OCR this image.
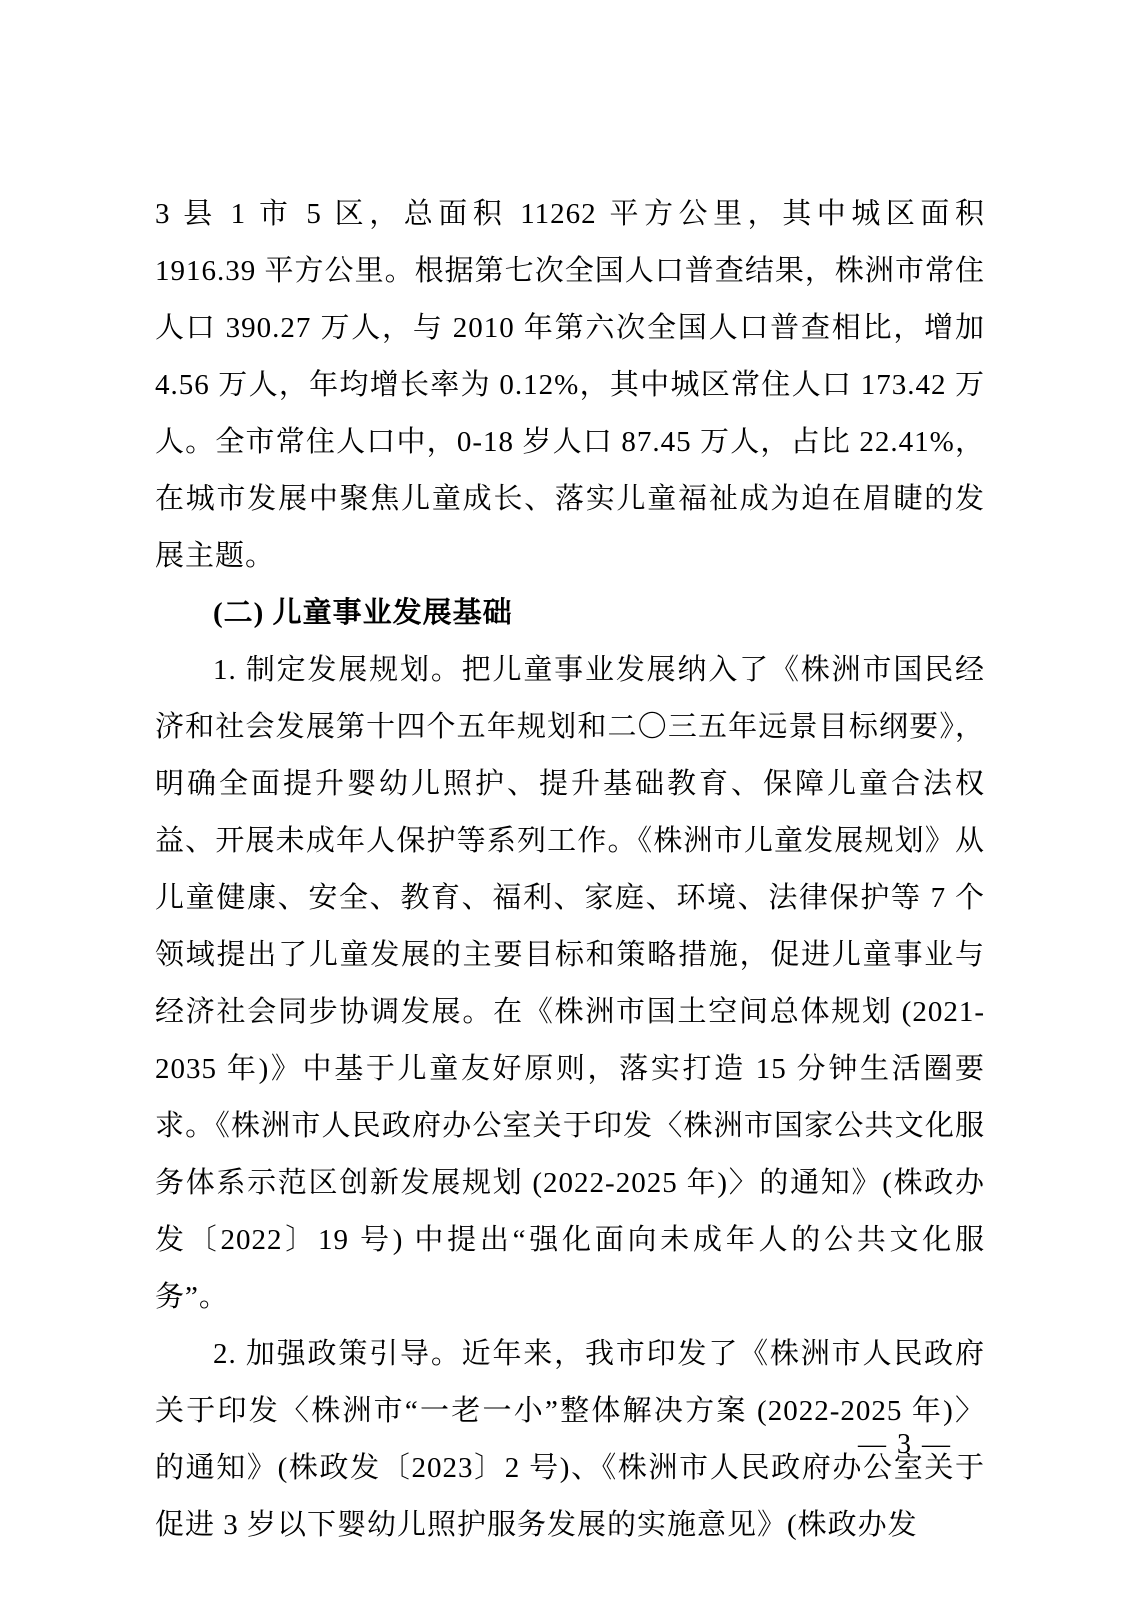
3 县 1 市 5 区，总面积 11262 平方公里，其中城区面积 1916.39 平方公里。根据第七次全国人口普查结果，株洲市常住人口 390.27 万人，与 2010 年第六次全国人口普查相比，增加 4.56 万人，年均增长率为 0.12%，其中城区常住人口 173.42 万人。全市常住人口中，0-18 岁人口 87.45 万人，占比 22.41%，在城市发展中聚焦儿童成长、落实儿童福祉成为迫在眉睫的发展主题。

(二) 儿童事业发展基础

1. 制定发展规划。把儿童事业发展纳入了《株洲市国民经济和社会发展第十四个五年规划和二〇三五年远景目标纲要》，明确全面提升婴幼儿照护、提升基础教育、保障儿童合法权益、开展未成年人保护等系列工作。《株洲市儿童发展规划》从儿童健康、安全、教育、福利、家庭、环境、法律保护等 7 个领域提出了儿童发展的主要目标和策略措施，促进儿童事业与经济社会同步协调发展。在《株洲市国土空间总体规划 (2021-2035 年)》中基于儿童友好原则，落实打造 15 分钟生活圈要求。《株洲市人民政府办公室关于印发〈株洲市国家公共文化服务体系示范区创新发展规划 (2022-2025 年)〉的通知》(株政办发〔2022〕19 号) 中提出“强化面向未成年人的公共文化服务”。

2. 加强政策引导。近年来，我市印发了《株洲市人民政府关于印发〈株洲市“一老一小”整体解决方案 (2022-2025 年)〉的通知》(株政发〔2023〕2 号)、《株洲市人民政府办公室关于促进 3 岁以下婴幼儿照护服务发展的实施意见》(株政办发

— 3 —
